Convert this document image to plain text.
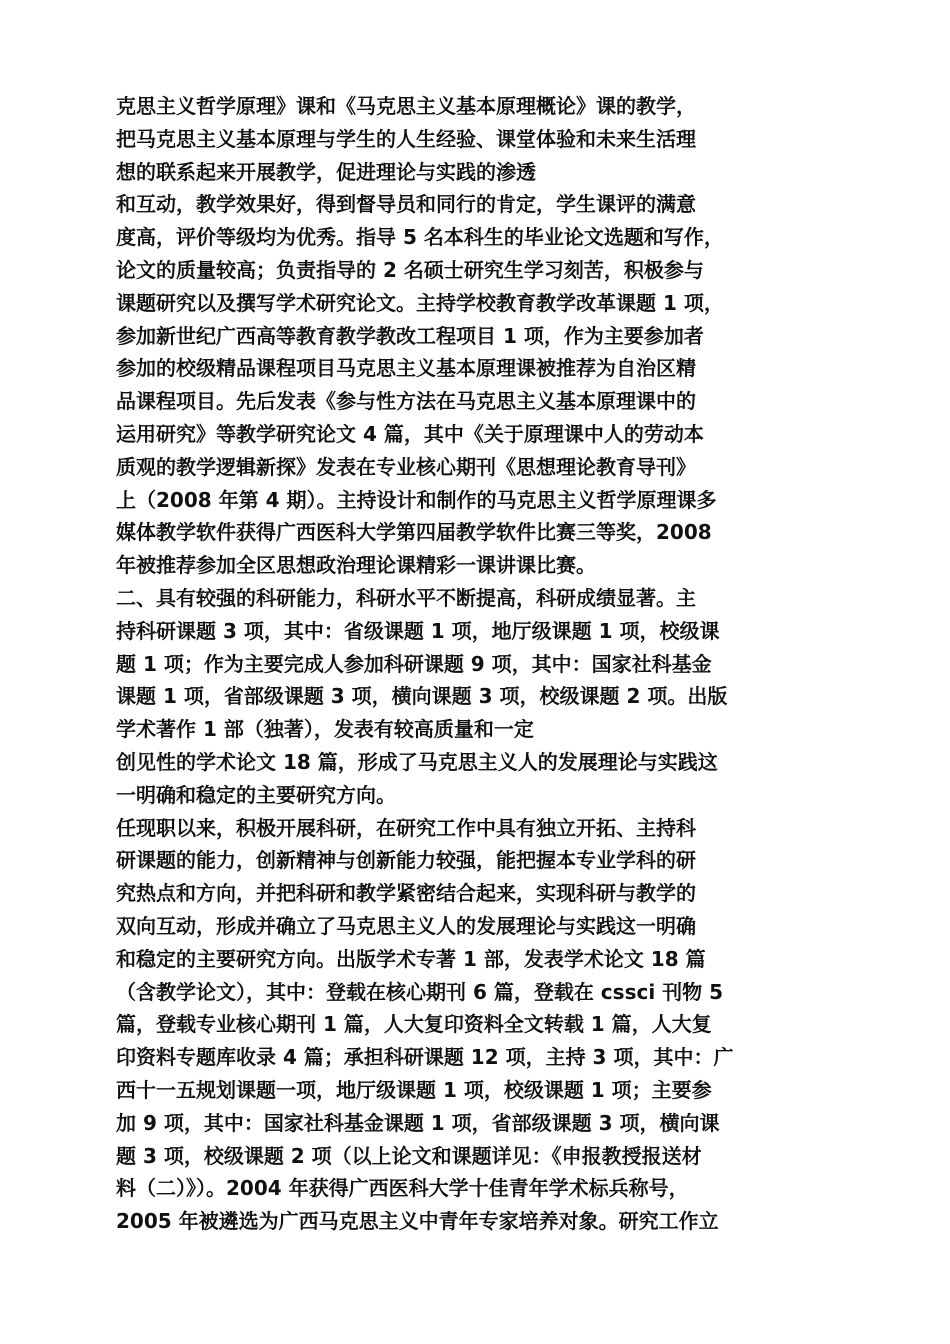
克思主义哲学原理》课和《马克思主义基本原理概论》课的教学，
把马克思主义基本原理与学生的人生经验、课堂体验和未来生活理
想的联系起来开展教学，促进理论与实践的渗透
和互动，教学效果好，得到督导员和同行的肯定，学生课评的满意
度高，评价等级均为优秀。指导 5 名本科生的毕业论文选题和写作，
论文的质量较高；负责指导的 2 名硕士研究生学习刻苦，积极参与
课题研究以及撰写学术研究论文。主持学校教育教学改革课题 1 项，
参加新世纪广西高等教育教学教改工程项目 1 项，作为主要参加者
参加的校级精品课程项目马克思主义基本原理课被推荐为自治区精
品课程项目。先后发表《参与性方法在马克思主义基本原理课中的
运用研究》等教学研究论文 4 篇，其中《关于原理课中人的劳动本
质观的教学逻辑新探》发表在专业核心期刊《思想理论教育导刊》
上（2008 年第 4 期）。主持设计和制作的马克思主义哲学原理课多
媒体教学软件获得广西医科大学第四届教学软件比赛三等奖，2008
年被推荐参加全区思想政治理论课精彩一课讲课比赛。
二、具有较强的科研能力，科研水平不断提高，科研成绩显著。主
持科研课题 3 项，其中：省级课题 1 项，地厅级课题 1 项，校级课
题 1 项；作为主要完成人参加科研课题 9 项，其中：国家社科基金
课题 1 项，省部级课题 3 项，横向课题 3 项，校级课题 2 项。出版
学术著作 1 部（独著），发表有较高质量和一定
创见性的学术论文 18 篇，形成了马克思主义人的发展理论与实践这
一明确和稳定的主要研究方向。
任现职以来，积极开展科研，在研究工作中具有独立开拓、主持科
研课题的能力，创新精神与创新能力较强，能把握本专业学科的研
究热点和方向，并把科研和教学紧密结合起来，实现科研与教学的
双向互动，形成并确立了马克思主义人的发展理论与实践这一明确
和稳定的主要研究方向。出版学术专著 1 部，发表学术论文 18 篇
（含教学论文），其中：登载在核心期刊 6 篇，登载在 cssci 刊物 5
篇，登载专业核心期刊 1 篇，人大复印资料全文转载 1 篇，人大复
印资料专题库收录 4 篇；承担科研课题 12 项，主持 3 项，其中：广
西十一五规划课题一项，地厅级课题 1 项，校级课题 1 项；主要参
加 9 项，其中：国家社科基金课题 1 项，省部级课题 3 项，横向课
题 3 项，校级课题 2 项（以上论文和课题详见：《申报教授报送材
料（二）》）。2004 年获得广西医科大学十佳青年学术标兵称号，
2005 年被遴选为广西马克思主义中青年专家培养对象。研究工作立
